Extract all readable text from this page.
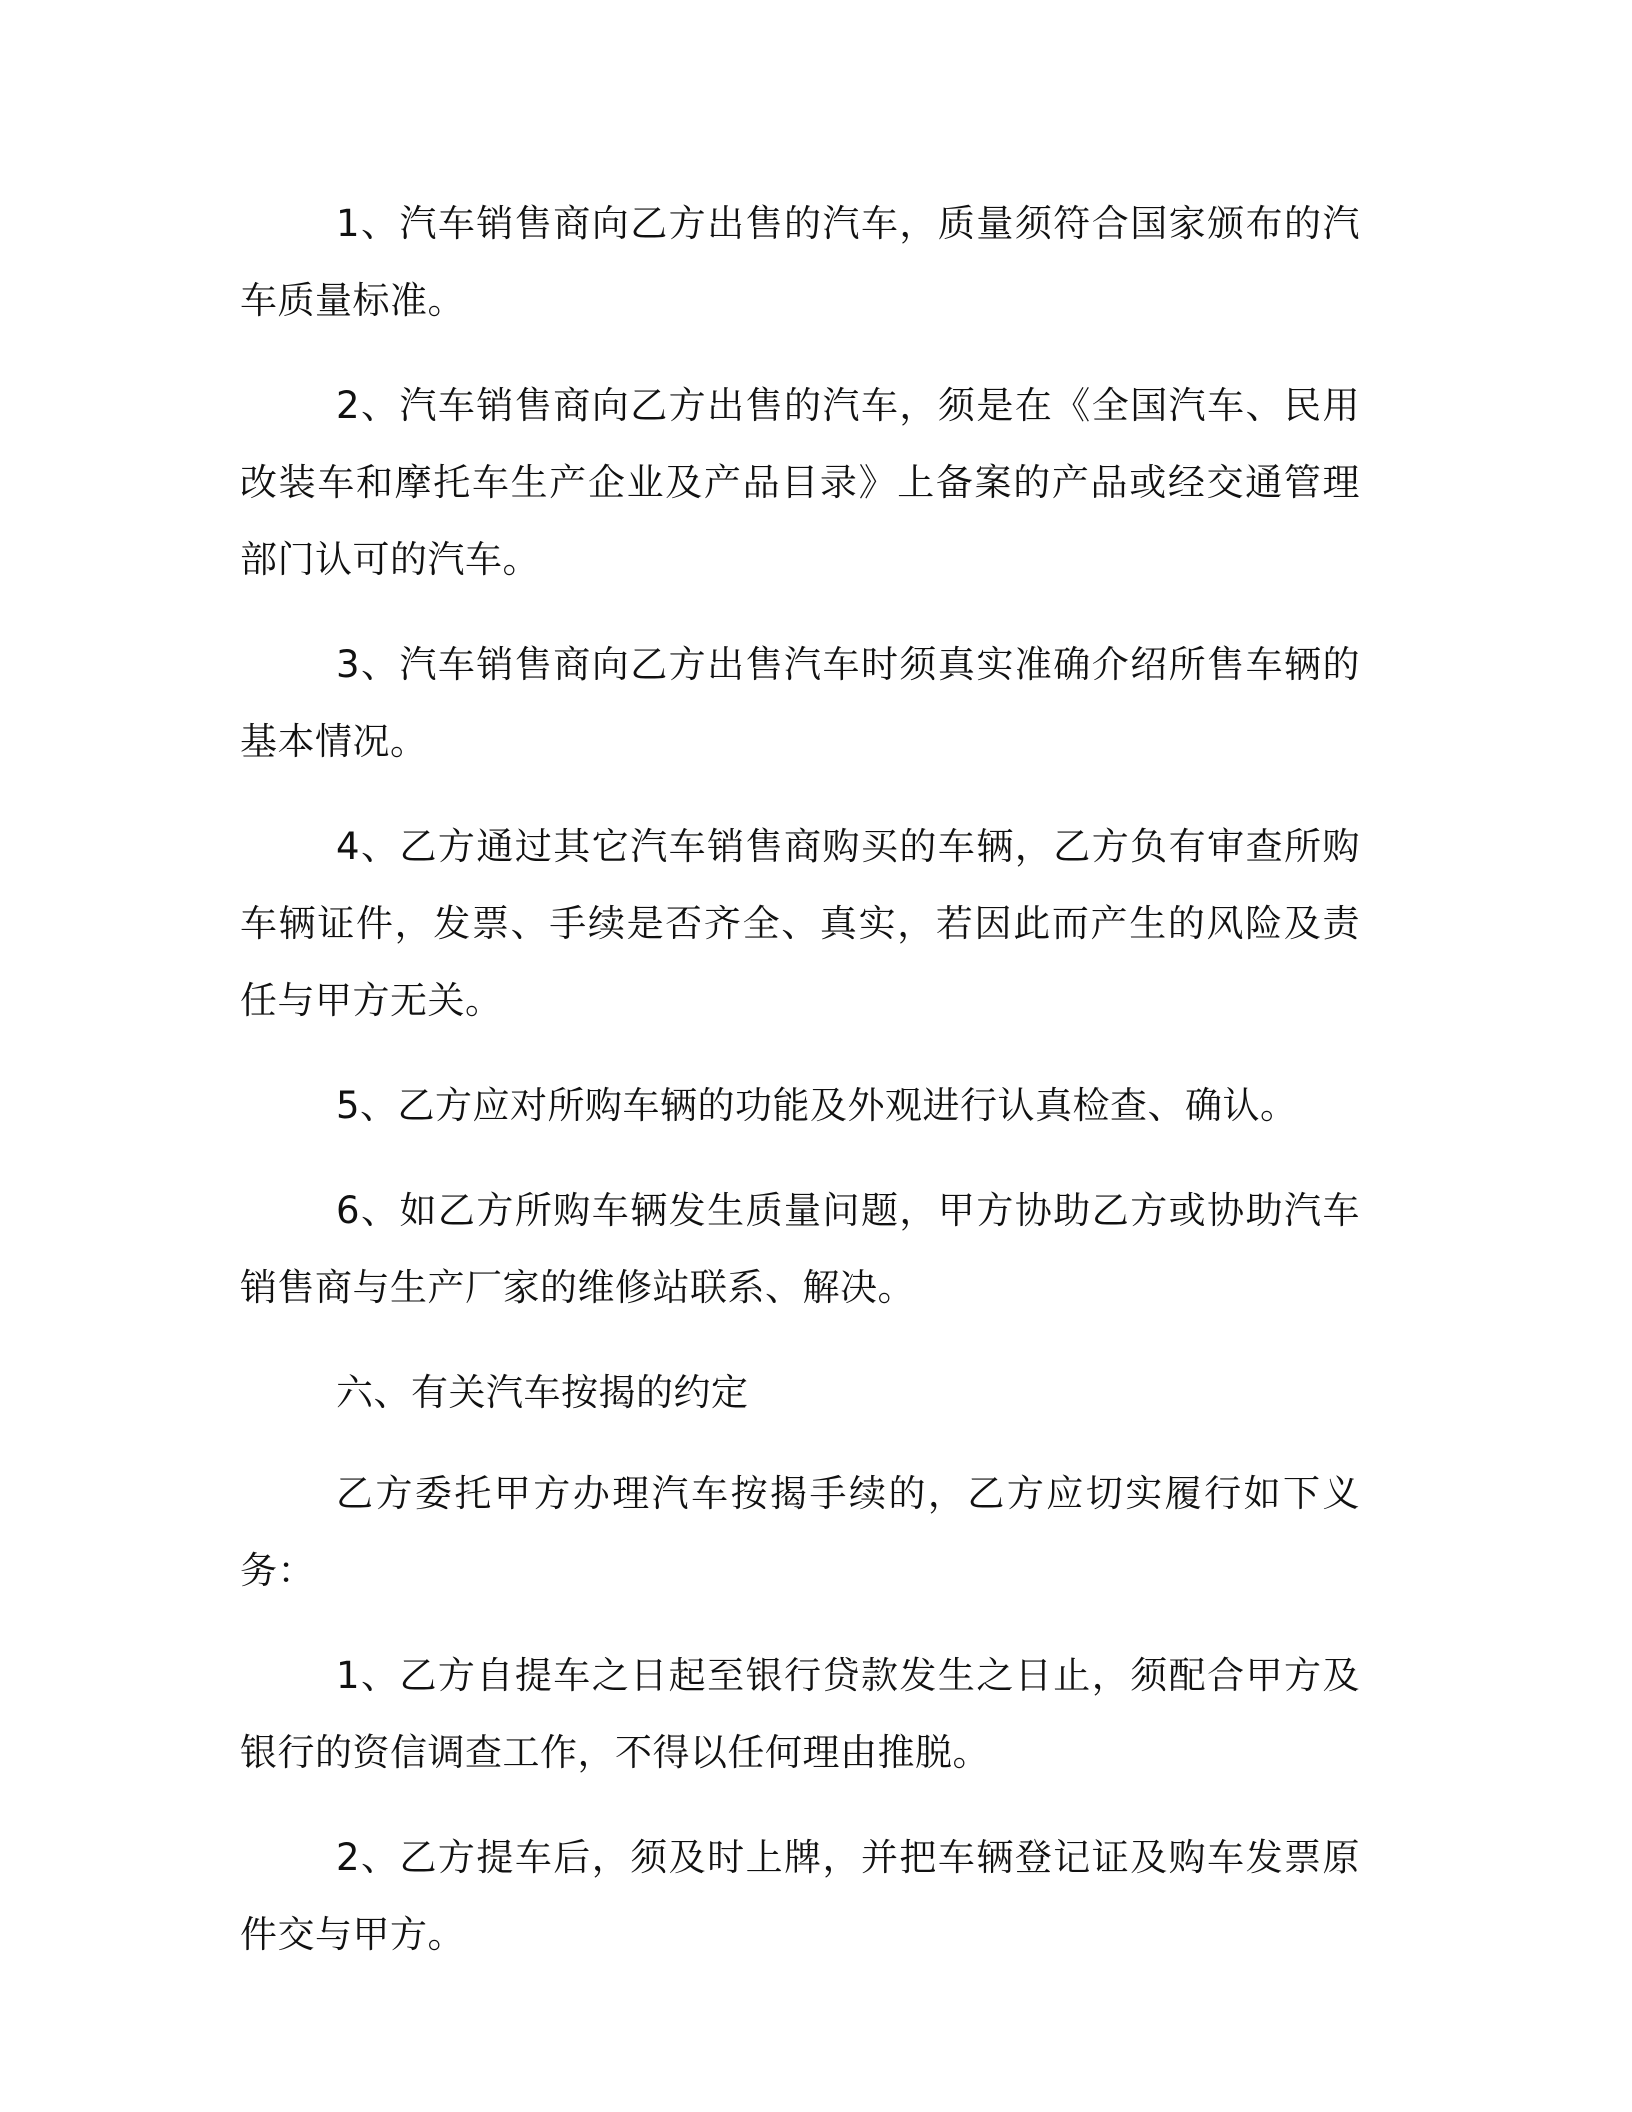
1、汽车销售商向乙方出售的汽车，质量须符合国家颁布的汽车质量标准。

2、汽车销售商向乙方出售的汽车，须是在《全国汽车、民用改装车和摩托车生产企业及产品目录》上备案的产品或经交通管理部门认可的汽车。

3、汽车销售商向乙方出售汽车时须真实准确介绍所售车辆的基本情况。

4、乙方通过其它汽车销售商购买的车辆，乙方负有审查所购车辆证件，发票、手续是否齐全、真实，若因此而产生的风险及责任与甲方无关。

5、乙方应对所购车辆的功能及外观进行认真检查、确认。

6、如乙方所购车辆发生质量问题，甲方协助乙方或协助汽车销售商与生产厂家的维修站联系、解决。

六、有关汽车按揭的约定

乙方委托甲方办理汽车按揭手续的，乙方应切实履行如下义务：

1、乙方自提车之日起至银行贷款发生之日止，须配合甲方及银行的资信调查工作，不得以任何理由推脱。

2、乙方提车后，须及时上牌，并把车辆登记证及购车发票原件交与甲方。
